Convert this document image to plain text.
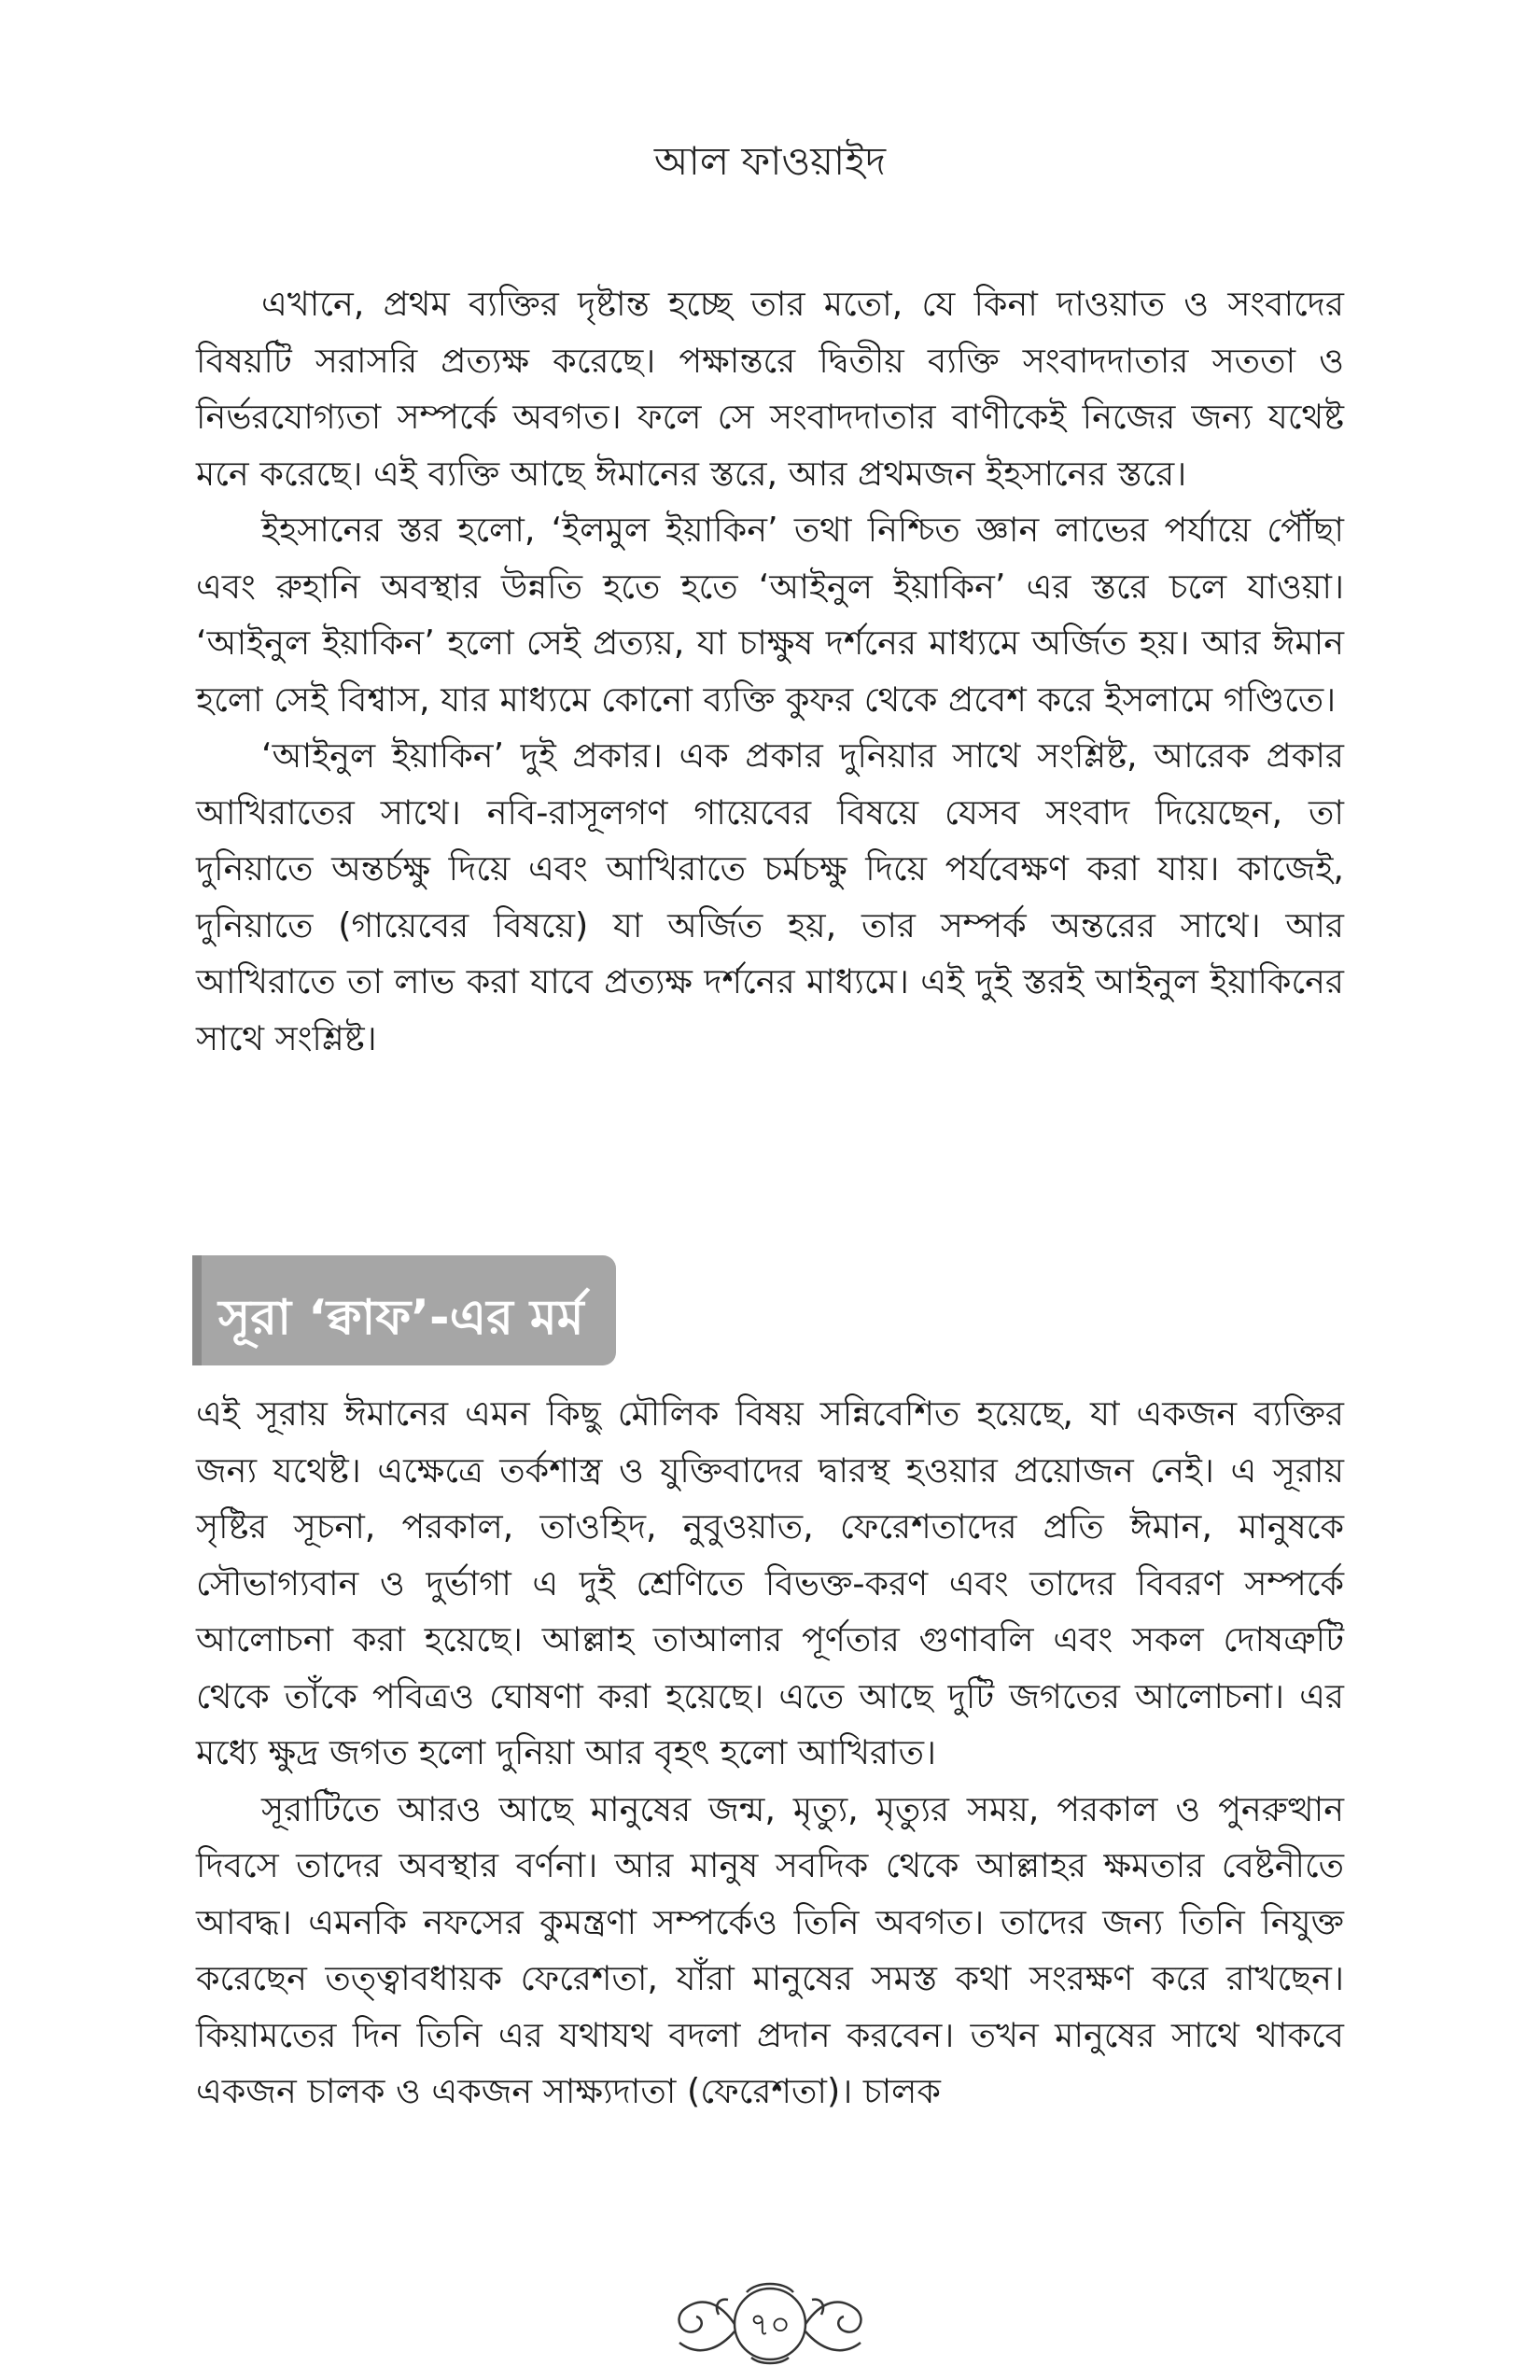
আল ফাওয়াইদ

এখানে, প্রথম ব্যক্তির দৃষ্টান্ত হচ্ছে তার মতো, যে কিনা দাওয়াত ও সংবাদের বিষয়টি সরাসরি প্রত্যক্ষ করেছে। পক্ষান্তরে দ্বিতীয় ব্যক্তি সংবাদদাতার সততা ও নির্ভরযোগ্যতা সম্পর্কে অবগত। ফলে সে সংবাদদাতার বাণীকেই নিজের জন্য যথেষ্ট মনে করেছে। এই ব্যক্তি আছে ঈমানের স্তরে, আর প্রথমজন ইহসানের স্তরে।

ইহসানের স্তর হলো, ‘ইলমুল ইয়াকিন’ তথা নিশ্চিত জ্ঞান লাভের পর্যায়ে পৌঁছা এবং রুহানি অবস্থার উন্নতি হতে হতে ‘আইনুল ইয়াকিন’ এর স্তরে চলে যাওয়া। ‘আইনুল ইয়াকিন’ হলো সেই প্রত্যয়, যা চাক্ষুষ দর্শনের মাধ্যমে অর্জিত হয়। আর ঈমান হলো সেই বিশ্বাস, যার মাধ্যমে কোনো ব্যক্তি কুফর থেকে প্রবেশ করে ইসলামে গণ্ডিতে।

‘আইনুল ইয়াকিন’ দুই প্রকার। এক প্রকার দুনিয়ার সাথে সংশ্লিষ্ট, আরেক প্রকার আখিরাতের সাথে। নবি-রাসূলগণ গায়েবের বিষয়ে যেসব সংবাদ দিয়েছেন, তা দুনিয়াতে অন্তর্চক্ষু দিয়ে এবং আখিরাতে চর্মচক্ষু দিয়ে পর্যবেক্ষণ করা যায়। কাজেই, দুনিয়াতে (গায়েবের বিষয়ে) যা অর্জিত হয়, তার সম্পর্ক অন্তরের সাথে। আর আখিরাতে তা লাভ করা যাবে প্রত্যক্ষ দর্শনের মাধ্যমে। এই দুই স্তরই আইনুল ইয়াকিনের সাথে সংশ্লিষ্ট।

সূরা ‘ক্বাফ’-এর মর্ম

এই সূরায় ঈমানের এমন কিছু মৌলিক বিষয় সন্নিবেশিত হয়েছে, যা একজন ব্যক্তির জন্য যথেষ্ট। এক্ষেত্রে তর্কশাস্ত্র ও যুক্তিবাদের দ্বারস্থ হওয়ার প্রয়োজন নেই। এ সূরায় সৃষ্টির সূচনা, পরকাল, তাওহিদ, নুবুওয়াত, ফেরেশতাদের প্রতি ঈমান, মানুষকে সৌভাগ্যবান ও দুর্ভাগা এ দুই শ্রেণিতে বিভক্ত-করণ এবং তাদের বিবরণ সম্পর্কে আলোচনা করা হয়েছে। আল্লাহ তাআলার পূর্ণতার গুণাবলি এবং সকল দোষত্রুটি থেকে তাঁকে পবিত্রও ঘোষণা করা হয়েছে। এতে আছে দুটি জগতের আলোচনা। এর মধ্যে ক্ষুদ্র জগত হলো দুনিয়া আর বৃহৎ হলো আখিরাত।

সূরাটিতে আরও আছে মানুষের জন্ম, মৃত্যু, মৃত্যুর সময়, পরকাল ও পুনরুত্থান দিবসে তাদের অবস্থার বর্ণনা। আর মানুষ সবদিক থেকে আল্লাহর ক্ষমতার বেষ্টনীতে আবদ্ধ। এমনকি নফসের কুমন্ত্রণা সম্পর্কেও তিনি অবগত। তাদের জন্য তিনি নিযুক্ত করেছেন তত্ত্বাবধায়ক ফেরেশতা, যাঁরা মানুষের সমস্ত কথা সংরক্ষণ করে রাখছেন। কিয়ামতের দিন তিনি এর যথাযথ বদলা প্রদান করবেন। তখন মানুষের সাথে থাকবে একজন চালক ও একজন সাক্ষ্যদাতা (ফেরেশতা)। চালক

৭০
